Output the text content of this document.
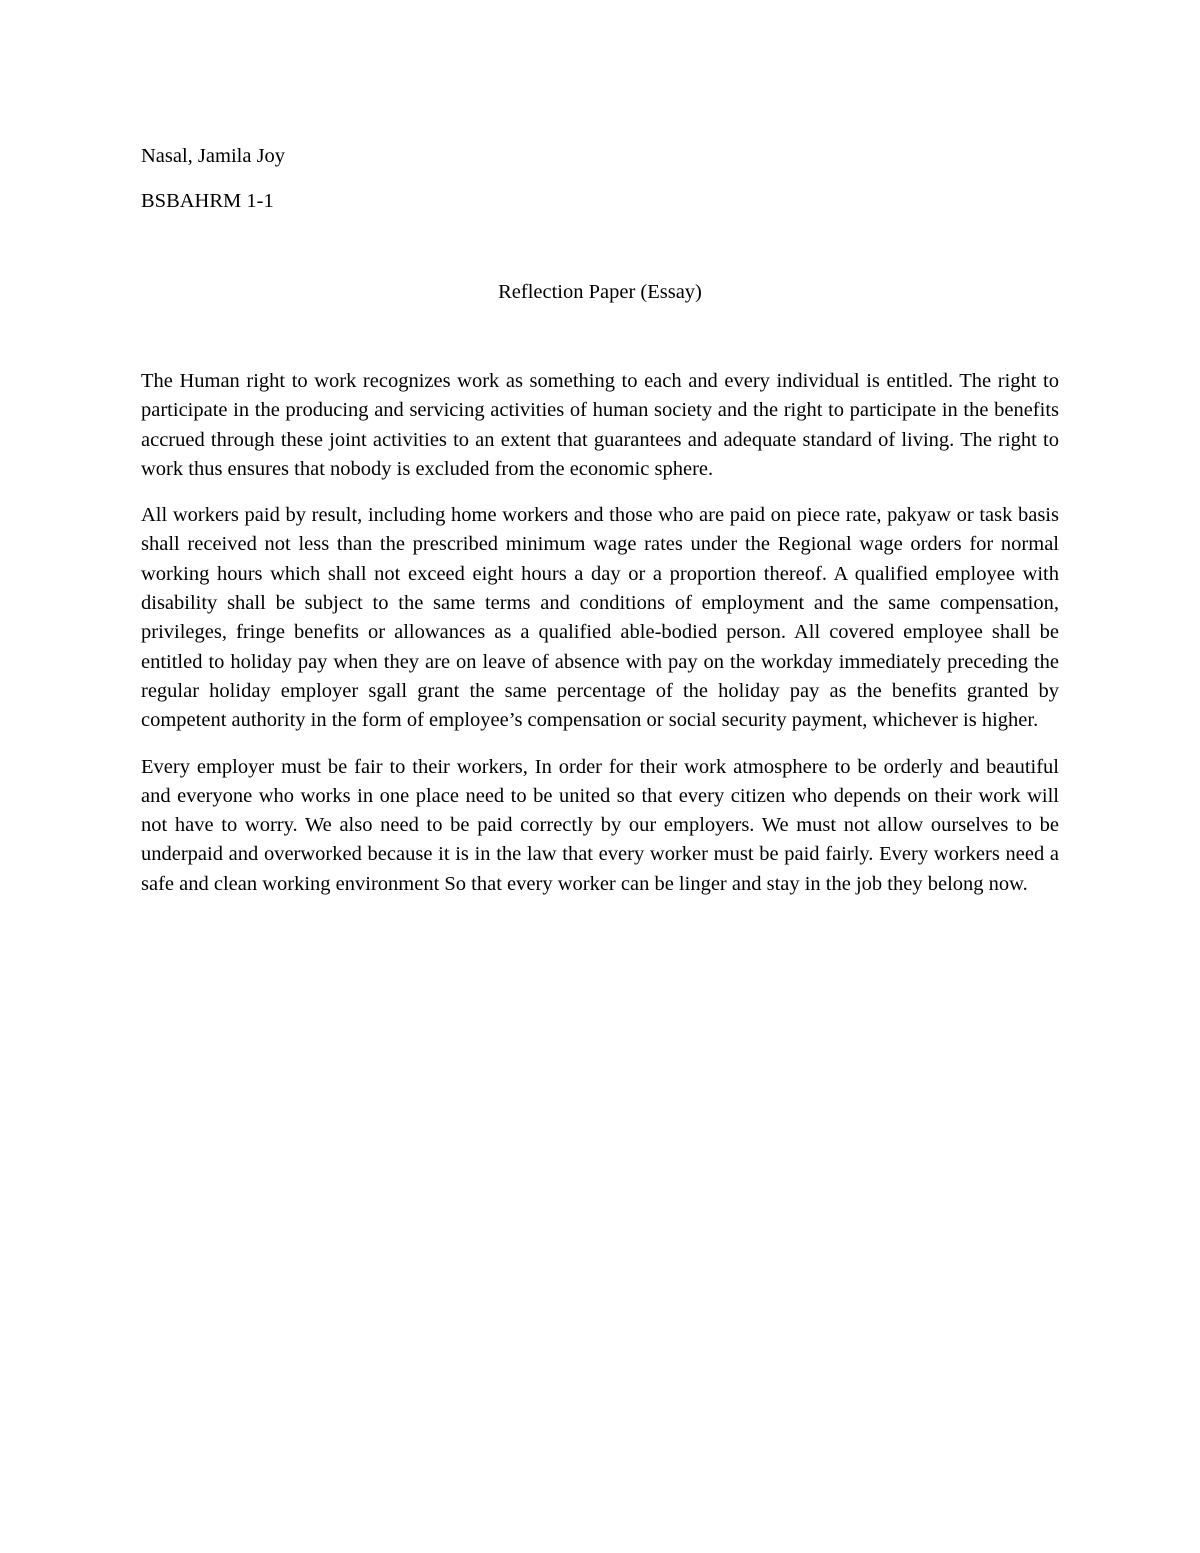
Nasal, Jamila Joy
BSBAHRM 1-1
Reflection Paper (Essay)

The Human right to work recognizes work as something to each and every individual is entitled. The right to participate in the producing and servicing activities of human society and the right to participate in the benefits accrued through these joint activities to an extent that guarantees and adequate standard of living. The right to work thus ensures that nobody is excluded from the economic sphere.

All workers paid by result, including home workers and those who are paid on piece rate, pakyaw or task basis shall received not less than the prescribed minimum wage rates under the Regional wage orders for normal working hours which shall not exceed eight hours a day or a proportion thereof. A qualified employee with disability shall be subject to the same terms and conditions of employment and the same compensation, privileges, fringe benefits or allowances as a qualified able-bodied person. All covered employee shall be entitled to holiday pay when they are on leave of absence with pay on the workday immediately preceding the regular holiday employer sgall grant the same percentage of the holiday pay as the benefits granted by competent authority in the form of employee’s compensation or social security payment, whichever is higher.

Every employer must be fair to their workers, In order for their work atmosphere to be orderly and beautiful and everyone who works in one place need to be united so that every citizen who depends on their work will not have to worry. We also need to be paid correctly by our employers. We must not allow ourselves to be underpaid and overworked because it is in the law that every worker must be paid fairly. Every workers need a safe and clean working environment So that every worker can be linger and stay in the job they belong now.
